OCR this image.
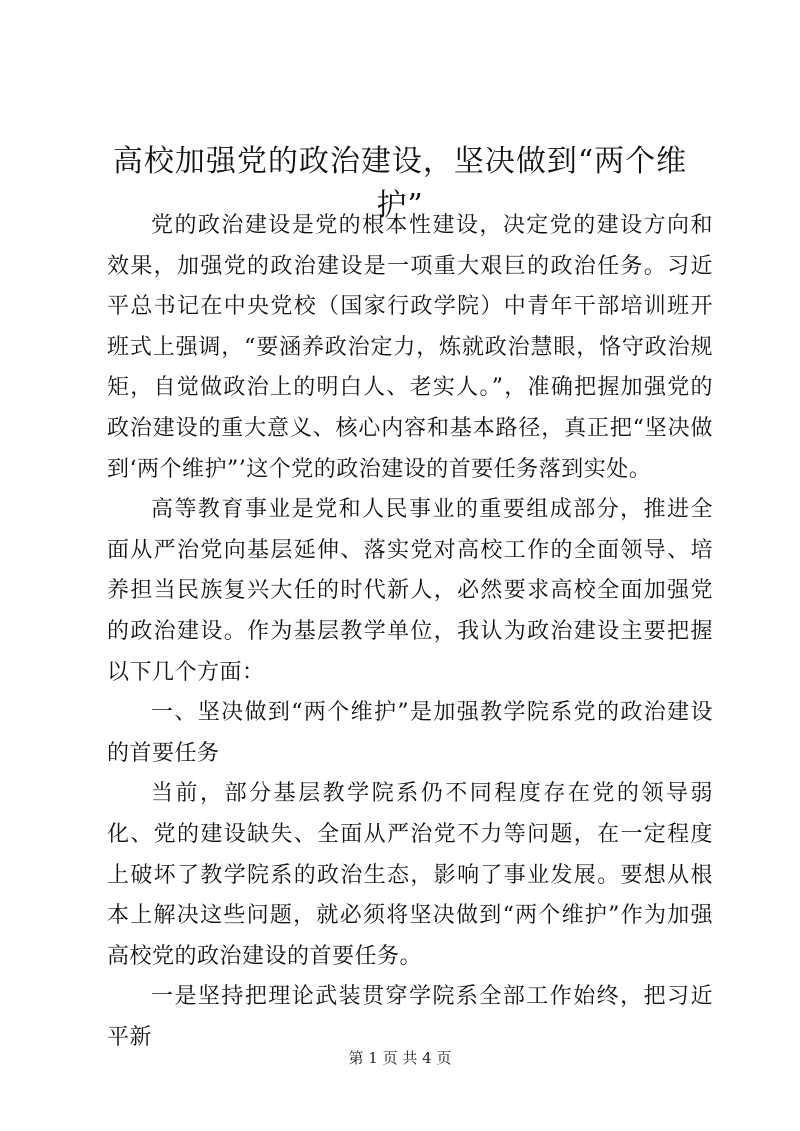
高校加强党的政治建设，坚决做到“两个维护”

党的政治建设是党的根本性建设，决定党的建设方向和效果，加强党的政治建设是一项重大艰巨的政治任务。习近平总书记在中央党校（国家行政学院）中青年干部培训班开班式上强调，“要涵养政治定力，炼就政治慧眼，恪守政治规矩，自觉做政治上的明白人、老实人。”，准确把握加强党的政治建设的重大意义、核心内容和基本路径，真正把“坚决做到‘两个维护”’这个党的政治建设的首要任务落到实处。

高等教育事业是党和人民事业的重要组成部分，推进全面从严治党向基层延伸、落实党对高校工作的全面领导、培养担当民族复兴大任的时代新人，必然要求高校全面加强党的政治建设。作为基层教学单位，我认为政治建设主要把握以下几个方面：

一、坚决做到“两个维护”是加强教学院系党的政治建设的首要任务

当前，部分基层教学院系仍不同程度存在党的领导弱化、党的建设缺失、全面从严治党不力等问题，在一定程度上破坏了教学院系的政治生态，影响了事业发展。要想从根本上解决这些问题，就必须将坚决做到“两个维护”作为加强高校党的政治建设的首要任务。

一是坚持把理论武装贯穿学院系全部工作始终，把习近平新

第 1 页 共 4 页
